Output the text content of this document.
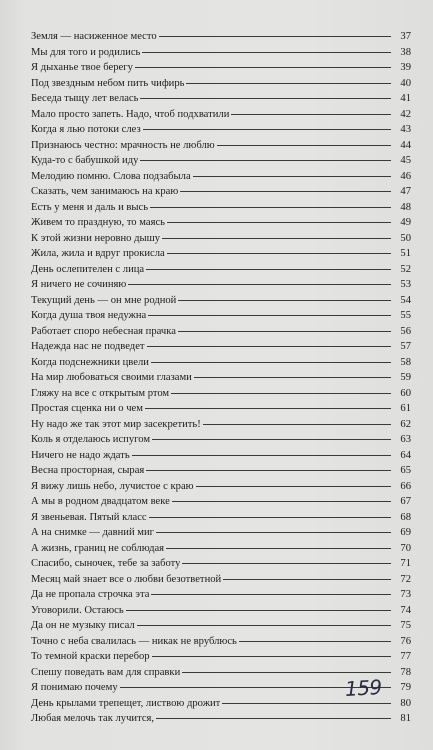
Земля — насиженное место	37
Мы для того и родились	38
Я дыханье твое берегу	39
Под звездным небом пить чифирь	40
Беседа тыщу лет велась	41
Мало просто запеть. Надо, чтоб подхватили	42
Когда я лью потоки слез	43
Признаюсь честно: мрачность не люблю	44
Куда-то с бабушкой иду	45
Мелодию помню. Слова подзабыла	46
Сказать, чем занимаюсь на краю	47
Есть у меня и даль и высь	48
Живем то праздную, то маясь	49
К этой жизни неровно дышу	50
Жила, жила и вдруг прокисла	51
День ослепителен с лица	52
Я ничего не сочиняю	53
Текущий день — он мне родной	54
Когда душа твоя недужна	55
Работает споро небесная прачка	56
Надежда нас не подведет	57
Когда подснежники цвели	58
На мир любоваться своими глазами	59
Гляжу на все с открытым ртом	60
Простая сценка ни о чем	61
Ну надо же так этот мир засекретить!	62
Коль я отделаюсь испугом	63
Ничего не надо ждать	64
Весна просторная, сырая	65
Я вижу лишь небо, лучистое с краю	66
А мы в родном двадцатом веке	67
Я звеньевая. Пятый класс	68
А на снимке — давний миг	69
А жизнь, границ не соблюдая	70
Спасибо, сыночек, тебе за заботу	71
Месяц май знает все о любви безответной	72
Да не пропала строчка эта	73
Уговорили. Остаюсь	74
Да он не музыку писал	75
Точно с неба свалилась — никак не врублюсь	76
То темной краски перебор	77
Спешу поведать вам для справки	78
Я понимаю почему	79
День крылами трепещет, листвою дрожит	80
Любая мелочь так лучится,	81
159
